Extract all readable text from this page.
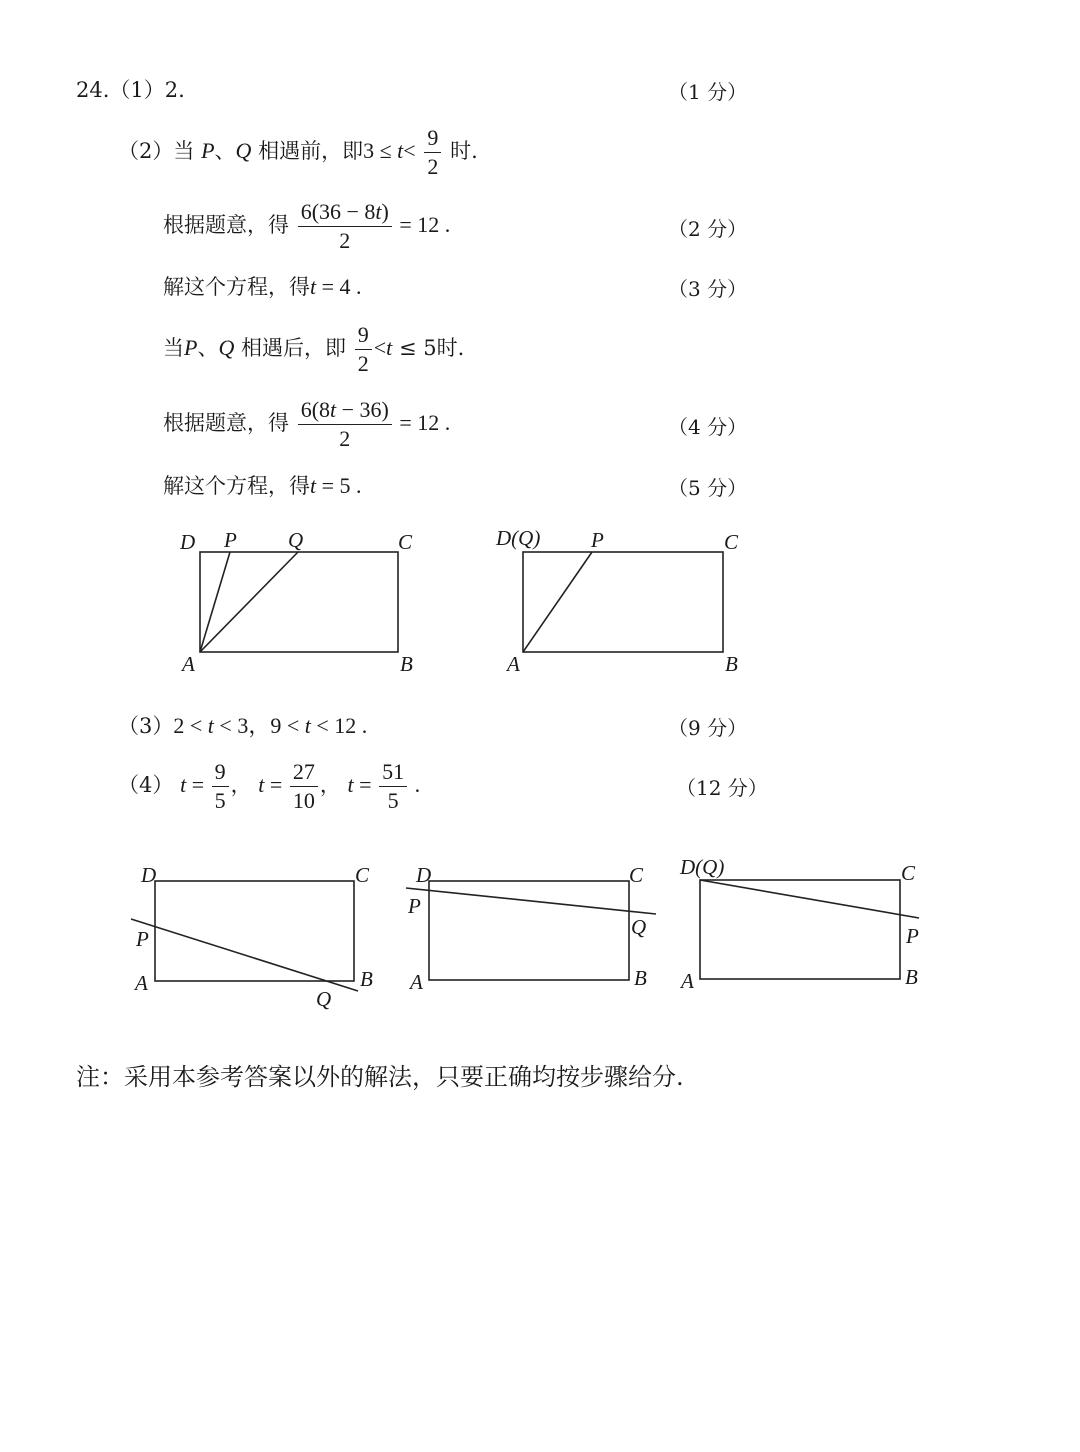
24.（1）2.	（1 分）
（2）当 P、Q 相遇前，即$3 \le t< \frac{9}{2}$ 时.
根据题意，得 $\frac{6(36 - 8t)}{2} = 12$ .	（2 分）
解这个方程，得t = 4 .	（3 分）
当P、Q 相遇后，即 $\frac{9}{2} <t \le 5$时.
根据题意，得 $\frac{6(8t - 36)}{2} = 12$ .	（4 分）
解这个方程，得t = 5 .	（5 分）
D P Q	C
A	B
D(Q) P	C
A	B
（3）2 < t < 3，9 < t < 12 .	（9 分）
（4） $t = \frac{9}{5}$ ， $t = \frac{27}{10}$ ， $t = \frac{51}{5}$ .	（12 分）
D	C
P
A	B
Q
D	C
P
Q
A	B
D(Q)	C
P
A	B
注：采用本参考答案以外的解法，只要正确均按步骤给分.
